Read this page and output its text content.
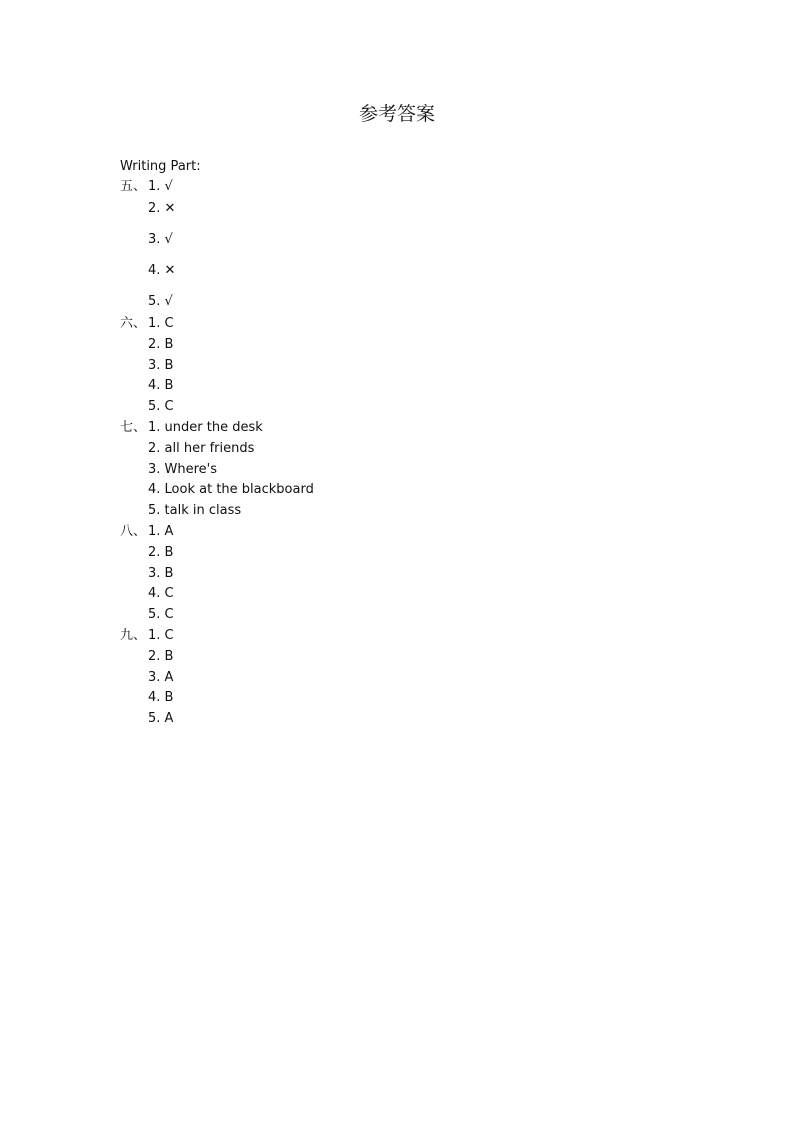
参考答案
Writing Part:
五、 1. √
2. ✕
3. √
4. ✕
5. √
六、 1. C
2. B
3. B
4. B
5. C
七、 1. under the desk
2. all her friends
3. Where's
4. Look at the blackboard
5. talk in class
八、 1. A
2. B
3. B
4. C
5. C
九、 1. C
2. B
3. A
4. B
5. A
